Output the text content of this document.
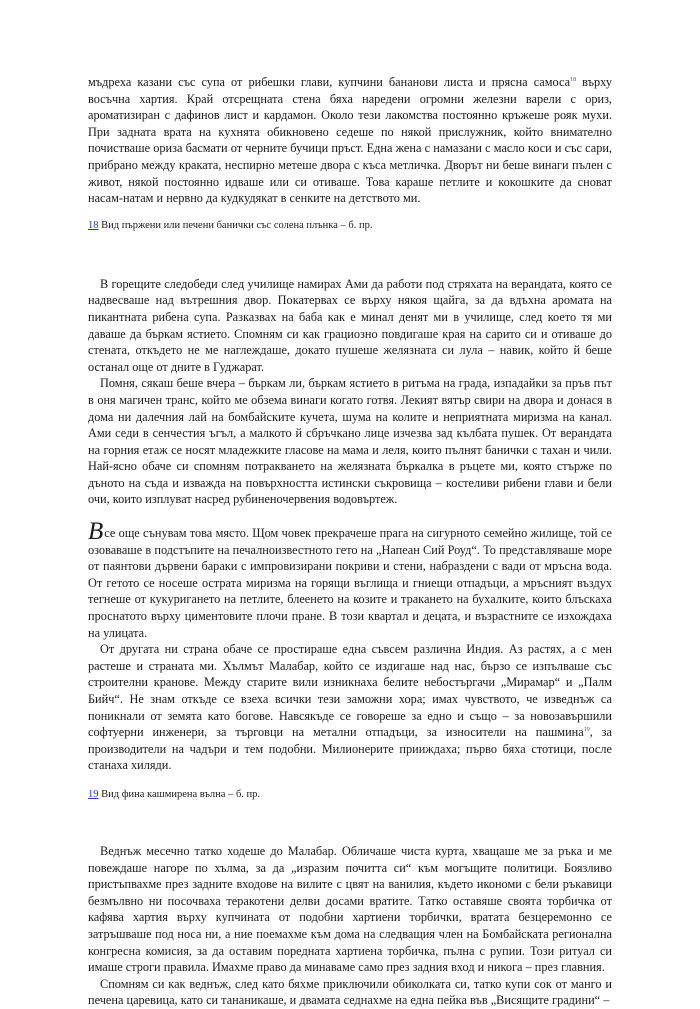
мъдреха казани със супа от рибешки глави, купчини бананови листа и прясна самоса$^{18}$ върху восъчна хартия. Край отсрещната стена бяха наредени огромни железни варели с ориз, ароматизиран с дафинов лист и кардамон. Около тези лакомства постоянно кръжеше рояк мухи. При задната врата на кухнята обикновено седеше по някой прислужник, който внимателно почистваше ориза басмати от черните бучици пръст. Една жена с намазани с масло коси и със сари, прибрано между краката, неспирно метеше двора с къса метличка. Дворът ни беше винаги пълен с живот, някой постоянно идваше или си отиваше. Това караше петлите и кокошките да сноват насам-натам и нервно да кудкудякат в сенките на детството ми.

18 Вид пържени или печени банички със солена плънка – б. пр.

В горещите следобеди след училище намирах Ами да работи под стряхата на верандата, която се надвесваше над вътрешния двор. Покатервах се върху някоя щайга, за да вдъхна аромата на пикантната рибена супа. Разказвах на баба как е минал денят ми в училище, след което тя ми даваше да бъркам ястието. Спомням си как грациозно повдигаше края на сарито си и отиваше до стената, откъдето не ме наглеждаше, докато пушеше желязната си лула – навик, който й беше останал още от дните в Гуджарат.

Помня, сякаш беше вчера – бъркам ли, бъркам ястието в ритъма на града, изпадайки за пръв път в оня магичен транс, който ме обзема винаги когато готвя. Лекият вятър свири на двора и донася в дома ни далечния лай на бомбайските кучета, шума на колите и неприятната миризма на канал. Ами седи в сенчестия ъгъл, а малкото й сбръчкано лице изчезва зад кълбата пушек. От верандата на горния етаж се носят младежките гласове на мама и леля, които пълнят банички с тахан и чили. Най-ясно обаче си спомням потракването на желязната бъркалка в ръцете ми, която стърже по дъното на съда и изважда на повърхността истински съкровища – костеливи рибени глави и бели очи, които изплуват насред рубиненочервения водовъртеж.

Все още сънувам това място. Щом човек прекрачеше прага на сигурното семейно жилище, той се озоваваше в подстъпите на печалноизвестното гето на „Напеан Сий Роуд“. То представляваше море от паянтови дървени бараки с импровизирани покриви и стени, набраздени с вади от мръсна вода. От гетото се носеше острата миризма на горящи въглища и гниещи отпадъци, а мръсният въздух тегнеше от кукуригането на петлите, блеенето на козите и тракането на бухалките, които блъскаха проснатото върху циментовите плочи пране. В този квартал и децата, и възрастните се изхождаха на улицата.

От другата ни страна обаче се простираше една съвсем различна Индия. Аз растях, а с мен растеше и страната ми. Хълмът Малабар, който се издигаше над нас, бързо се изпълваше със строителни кранове. Между старите вили изникнаха белите небостъргачи „Мирамар“ и „Палм Бийч“. Не знам откъде се взеха всички тези заможни хора; имах чувството, че изведнъж са поникнали от земята като богове. Навсякъде се говореше за едно и също – за новозавършили софтуерни инженери, за търговци на метални отпадъци, за износители на пашмина$^{19}$, за производители на чадъри и тем подобни. Милионерите прииждаха; първо бяха стотици, после станаха хиляди.

19 Вид фина кашмирена вълна – б. пр.

Веднъж месечно татко ходеше до Малабар. Обличаше чиста курта, хващаше ме за ръка и ме повеждаше нагоре по хълма, за да „изразим почитта си“ към могъщите политици. Боязливо пристъпвахме през задните входове на вилите с цвят на ванилия, където икономи с бели ръкавици безмълвно ни посочваха теракотени делви досами вратите. Татко оставяше своята торбичка от кафява хартия върху купчината от подобни хартиени торбички, вратата безцеремонно се затръшваше под носа ни, а ние поемахме към дома на следващия член на Бомбайската регионална конгресна комисия, за да оставим поредната хартиена торбичка, пълна с рупии. Този ритуал си имаше строги правила. Имахме право да минаваме само през задния вход и никога – през главния.

Спомням си как веднъж, след като бяхме приключили обиколката си, татко купи сок от манго и печена царевица, като си тананикаше, и двамата седнахме на една пейка във „Висящите градини“ –
